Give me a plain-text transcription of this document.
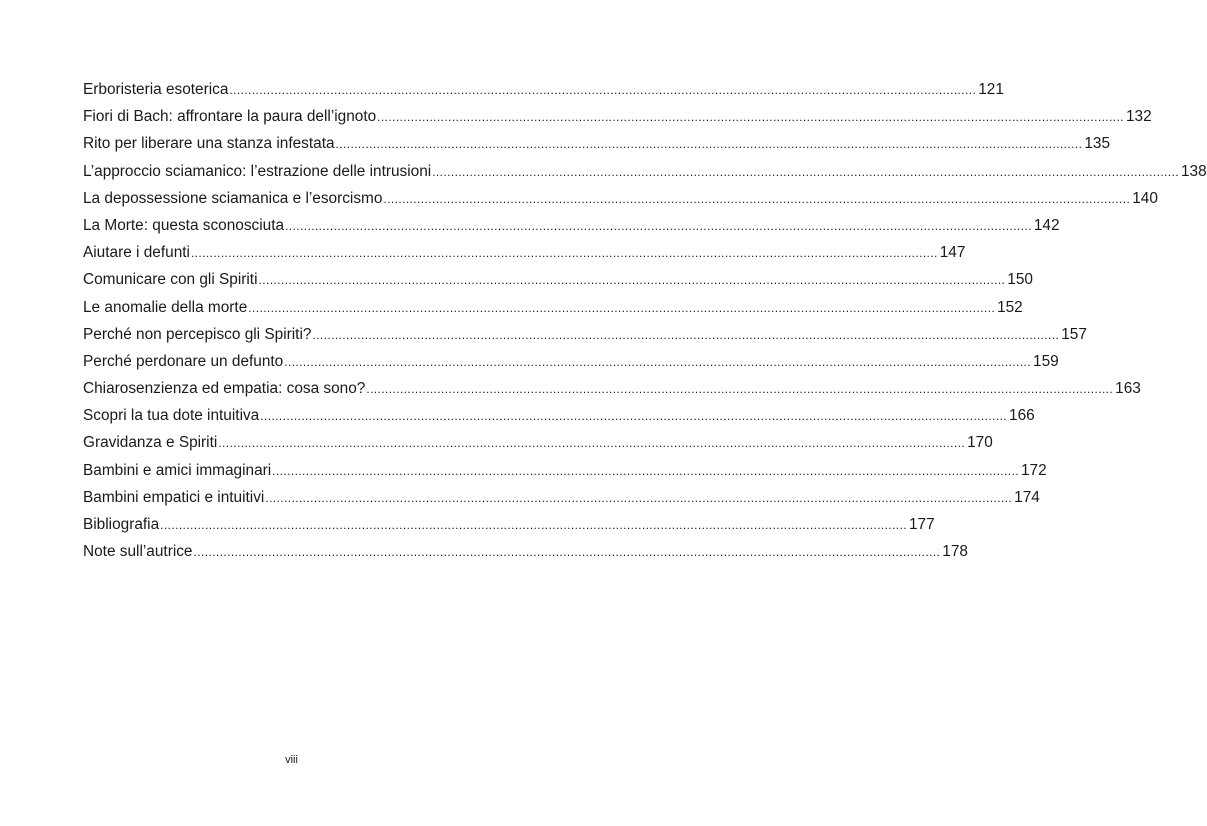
Erboristeria esoterica ........................................................................................................................................................................................................ 121
Fiori di Bach: affrontare la paura dell’ignoto ........................................................................................................................................................................................................ 132
Rito per liberare una stanza infestata ........................................................................................................................................................................................................ 135
L’approccio sciamanico: l’estrazione delle intrusioni ........................................................................................................................................................................................................ 138
La depossessione sciamanica e l’esorcismo ........................................................................................................................................................................................................ 140
La Morte: questa sconosciuta ........................................................................................................................................................................................................ 142
Aiutare i defunti ........................................................................................................................................................................................................ 147
Comunicare con gli Spiriti ........................................................................................................................................................................................................ 150
Le anomalie della morte ........................................................................................................................................................................................................ 152
Perché non percepisco gli Spiriti? ........................................................................................................................................................................................................ 157
Perché perdonare un defunto ........................................................................................................................................................................................................ 159
Chiarosenzienza ed empatia: cosa sono? ........................................................................................................................................................................................................ 163
Scopri la tua dote intuitiva ........................................................................................................................................................................................................ 166
Gravidanza e Spiriti ........................................................................................................................................................................................................ 170
Bambini e amici immaginari ........................................................................................................................................................................................................ 172
Bambini empatici e intuitivi ........................................................................................................................................................................................................ 174
Bibliografia ........................................................................................................................................................................................................ 177
Note sull’autrice ........................................................................................................................................................................................................ 178
viii
